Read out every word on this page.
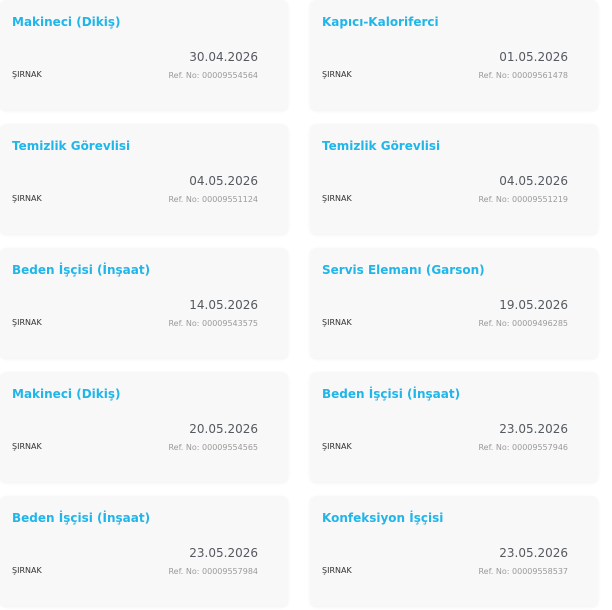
Makineci (Dikiş)
30.04.2026
ŞIRNAK	Ref. No: 00009554564
Kapıcı-Kaloriferci
01.05.2026
ŞIRNAK	Ref. No: 00009561478
Temizlik Görevlisi
04.05.2026
ŞIRNAK	Ref. No: 00009551124
Temizlik Görevlisi
04.05.2026
ŞIRNAK	Ref. No: 00009551219
Beden İşçisi (İnşaat)
14.05.2026
ŞIRNAK	Ref. No: 00009543575
Servis Elemanı (Garson)
19.05.2026
ŞIRNAK	Ref. No: 00009496285
Makineci (Dikiş)
20.05.2026
ŞIRNAK	Ref. No: 00009554565
Beden İşçisi (İnşaat)
23.05.2026
ŞIRNAK	Ref. No: 00009557946
Beden İşçisi (İnşaat)
23.05.2026
ŞIRNAK	Ref. No: 00009557984
Konfeksiyon İşçisi
23.05.2026
ŞIRNAK	Ref. No: 00009558537
